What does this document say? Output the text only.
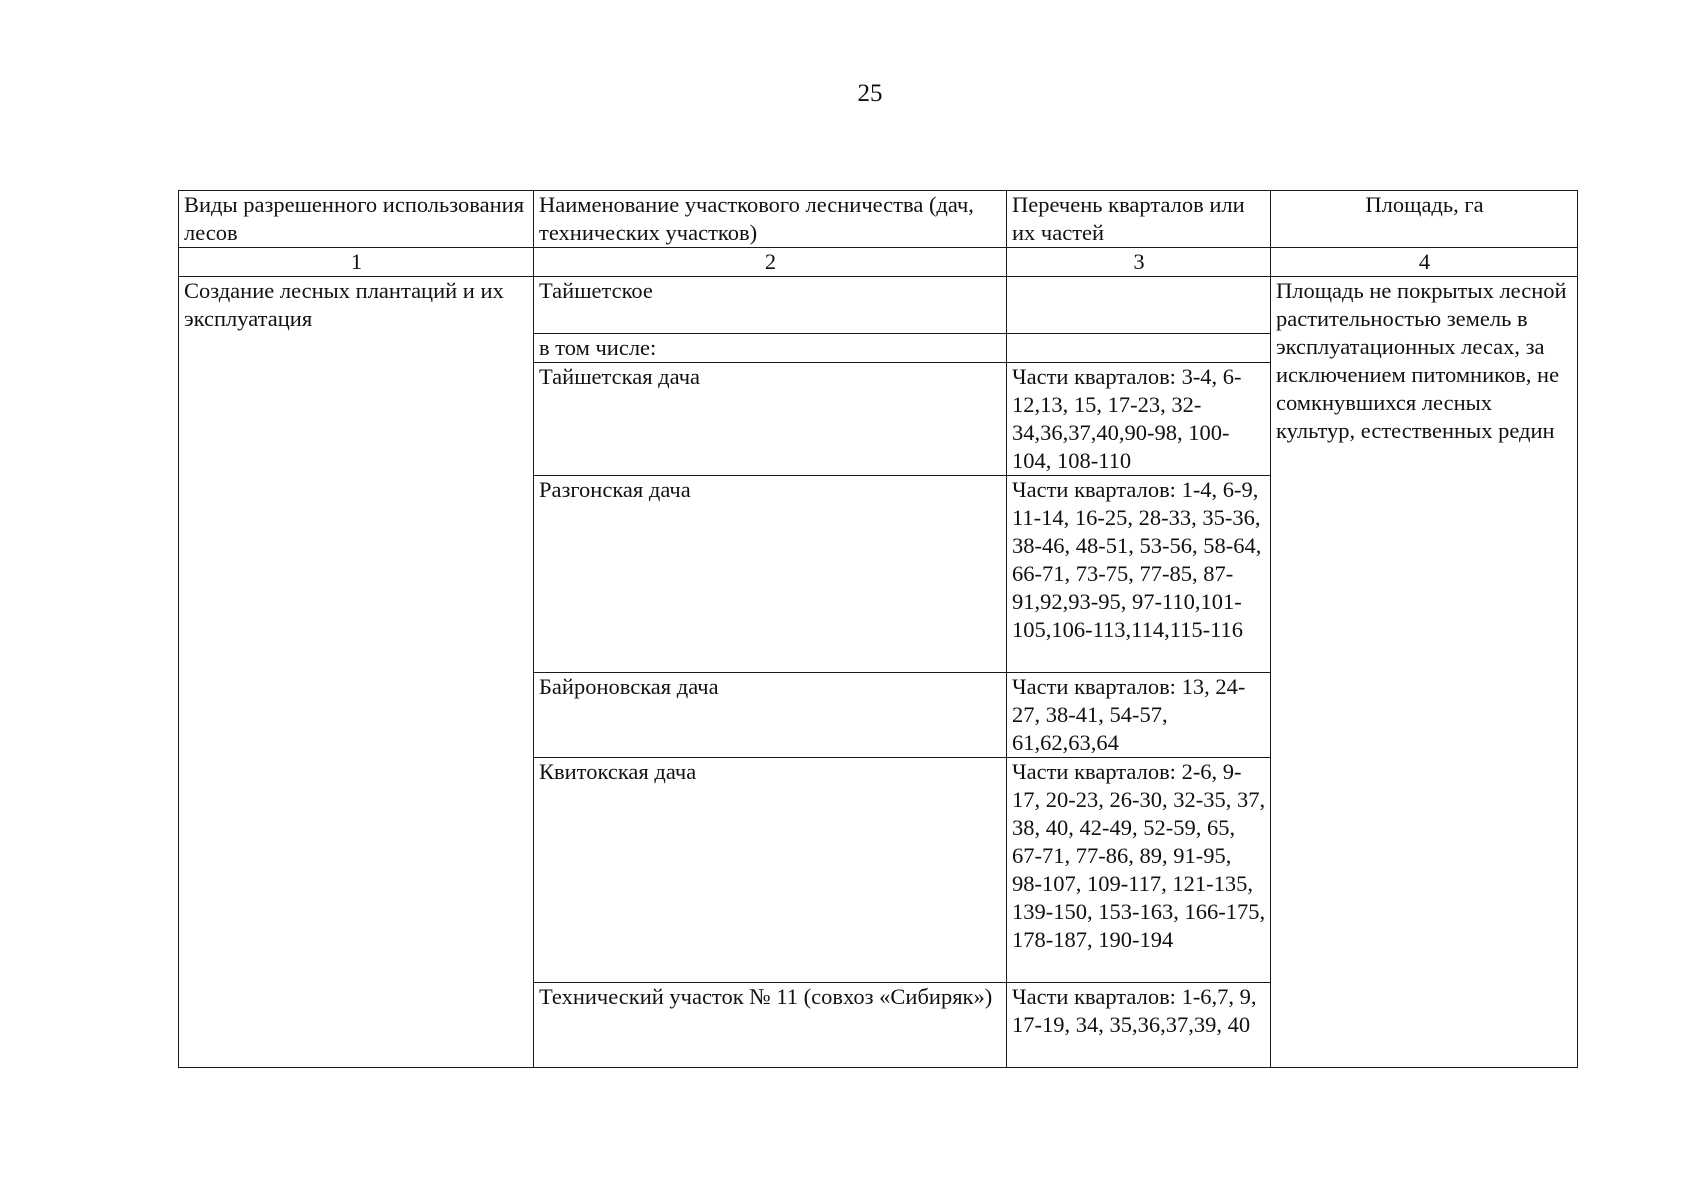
25
Виды разрешенного использования лесов	Наименование участкового лесничества (дач, технических участков)	Перечень кварталов или их частей	Площадь, га
1	2	3	4
Создание лесных плантаций и их эксплуатация	Тайшетское		Площадь не покрытых лесной растительностью земель в эксплуатационных лесах, за исключением питомников, не сомкнувшихся лесных культур, естественных редин
	в том числе:		
	Тайшетская дача	Части кварталов: 3-4, 6-12,13, 15, 17-23, 32-34,36,37,40,90-98, 100-104, 108-110	
	Разгонская дача	Части кварталов: 1-4, 6-9, 11-14, 16-25, 28-33, 35-36, 38-46, 48-51, 53-56, 58-64, 66-71, 73-75, 77-85, 87-91,92,93-95, 97-110,101-105,106-113,114,115-116	
	Байроновская дача	Части кварталов: 13, 24-27, 38-41, 54-57, 61,62,63,64	
	Квитокская дача	Части кварталов: 2-6, 9-17, 20-23, 26-30, 32-35, 37, 38, 40, 42-49, 52-59, 65, 67-71, 77-86, 89, 91-95, 98-107, 109-117, 121-135, 139-150, 153-163, 166-175, 178-187, 190-194	
	Технический участок № 11 (совхоз «Сибиряк»)	Части кварталов: 1-6,7, 9, 17-19, 34, 35,36,37,39, 40	
